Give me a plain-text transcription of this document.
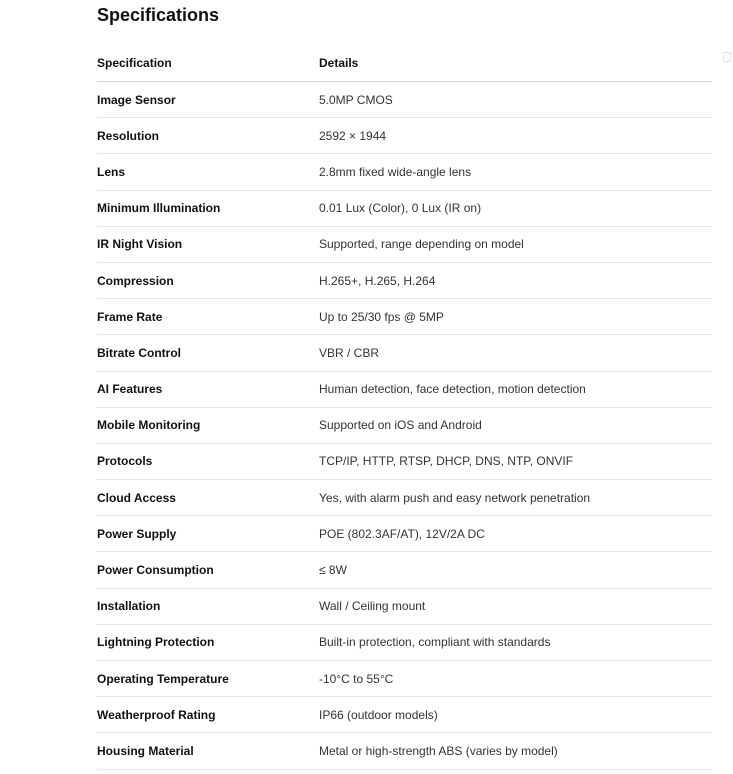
Specifications
Specification	Details
Image Sensor	5.0MP CMOS
Resolution	2592 × 1944
Lens	2.8mm fixed wide-angle lens
Minimum Illumination	0.01 Lux (Color), 0 Lux (IR on)
IR Night Vision	Supported, range depending on model
Compression	H.265+, H.265, H.264
Frame Rate	Up to 25/30 fps @ 5MP
Bitrate Control	VBR / CBR
AI Features	Human detection, face detection, motion detection
Mobile Monitoring	Supported on iOS and Android
Protocols	TCP/IP, HTTP, RTSP, DHCP, DNS, NTP, ONVIF
Cloud Access	Yes, with alarm push and easy network penetration
Power Supply	POE (802.3AF/AT), 12V/2A DC
Power Consumption	≤ 8W
Installation	Wall / Ceiling mount
Lightning Protection	Built-in protection, compliant with standards
Operating Temperature	-10°C to 55°C
Weatherproof Rating	IP66 (outdoor models)
Housing Material	Metal or high-strength ABS (varies by model)
